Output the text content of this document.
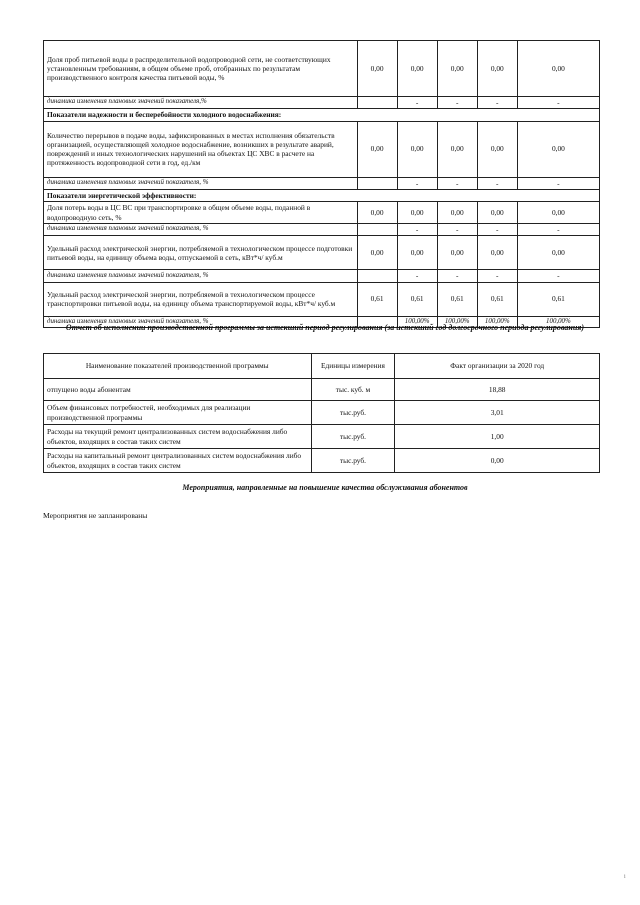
Доля проб питьевой воды в распределительной водопроводной сети, не соответствующих установленным требованиям, в общем объеме проб, отобранных по результатам производственного контроля качества питьевой воды, %	0,00	0,00	0,00	0,00	0,00
динамика изменения плановых значений показателя,%		-	-	-	-
Показатели надежности и бесперебойности холодного водоснабжения:					
Количество перерывов в подаче воды, зафиксированных в местах исполнения обязательств организацией, осуществляющей холодное водоснабжение, возникших в результате аварий, повреждений и иных технологических нарушений на объектах ЦС ХВС в расчете на протяженность водопроводной сети в год, ед./км	0,00	0,00	0,00	0,00	0,00
динамика изменения плановых значений показателя, %		-	-	-	-
Показатели энергетической эффективности:					
Доля потерь воды в ЦС ВС при транспортировке в общем объеме воды, поданной в водопроводную сеть, %	0,00	0,00	0,00	0,00	0,00
динамика изменения плановых значений показателя, %		-	-	-	-
Удельный расход электрической энергии, потребляемой в технологическом процессе подготовки питьевой воды, на единицу объема воды, отпускаемой в сеть, кВт*ч/ куб.м	0,00	0,00	0,00	0,00	0,00
динамика изменения плановых значений показателя, %		-	-	-	-
Удельный расход электрической энергии, потребляемой в технологическом процессе транспортировки питьевой воды, на единицу объема транспортируемой воды, кВт*ч/ куб.м	0,61	0,61	0,61	0,61	0,61
динамика изменения плановых значений показателя, %		100,00%	100,00%	100,00%	100,00%
Отчет об исполнении производственной программы за истекший период регулирования (за истекший год долгосрочного периода регулирования)
Наименование показателей производственной программы	Единицы измерения	Факт организации за 2020 год
отпущено воды абонентам	тыс. куб. м	18,88
Объем финансовых потребностей, необходимых для реализации производственной программы	тыс.руб.	3,01
Расходы на текущий ремонт централизованных систем водоснабжения либо объектов, входящих в состав таких систем	тыс.руб.	1,00
Расходы на капитальный ремонт централизованных систем водоснабжения либо объектов, входящих в состав таких систем	тыс.руб.	0,00
Мероприятия, направленные на повышение качества обслуживания абонентов
Мероприятия не запланированы
і
